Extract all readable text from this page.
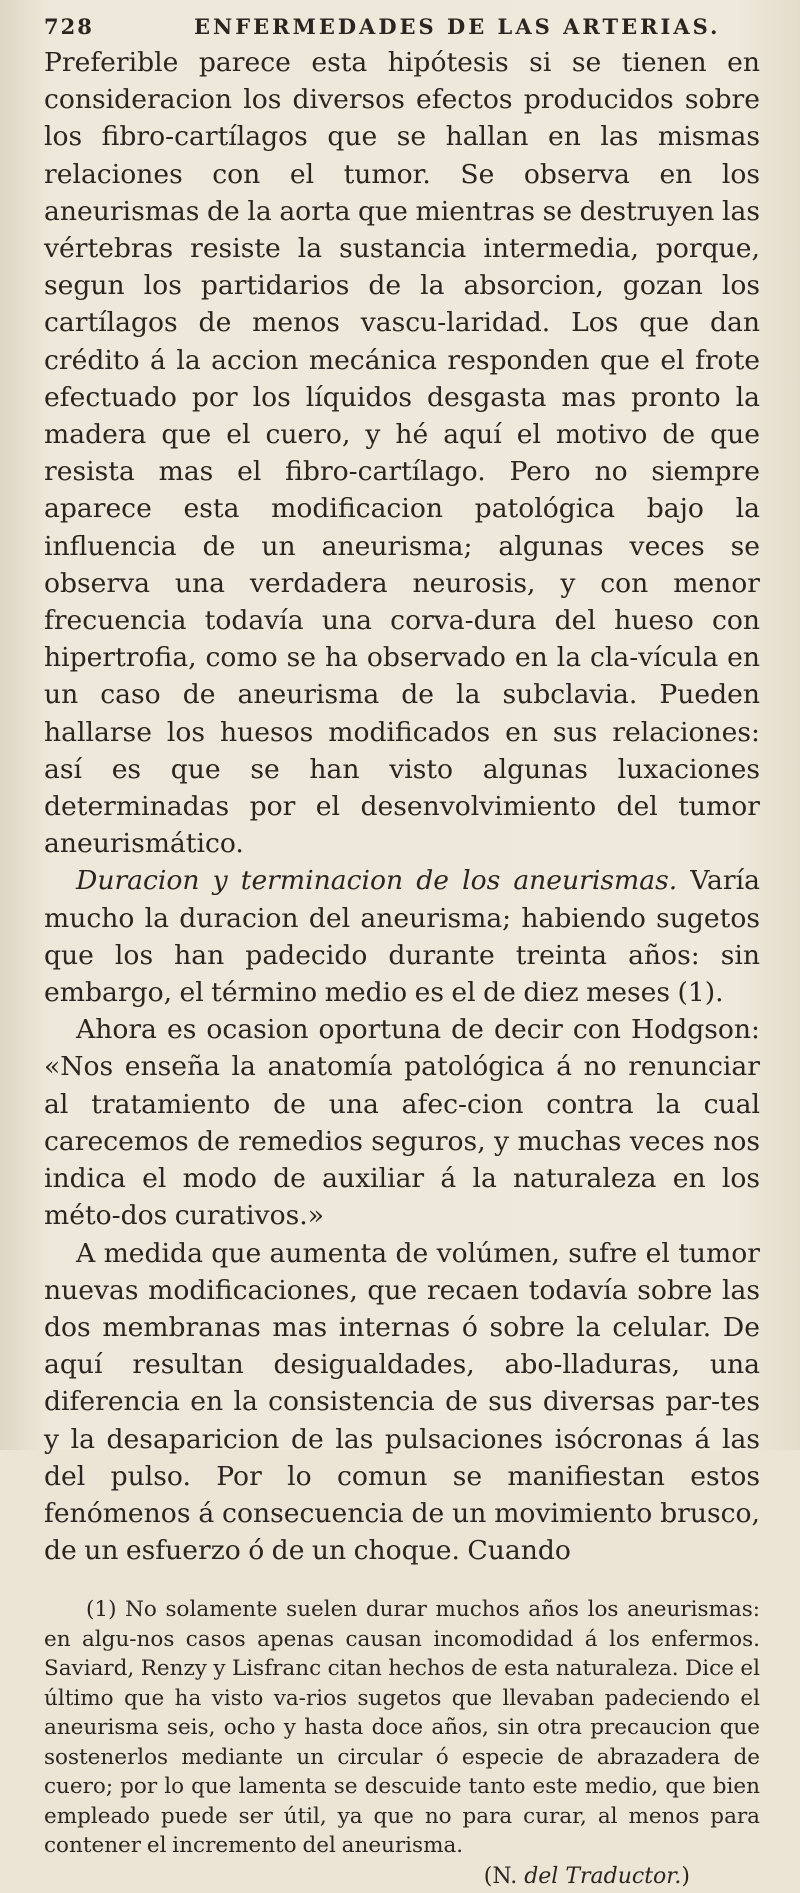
728	ENFERMEDADES DE LAS ARTERIAS.

Preferible parece esta hipótesis si se tienen en consideracion los diversos efectos producidos sobre los fibro-cartílagos que se hallan en las mismas relaciones con el tumor. Se observa en los aneurismas de la aorta que mientras se destruyen las vértebras resiste la sustancia intermedia, porque, segun los partidarios de la absorcion, gozan los cartílagos de menos vascu-laridad. Los que dan crédito á la accion mecánica responden que el frote efectuado por los líquidos desgasta mas pronto la madera que el cuero, y hé aquí el motivo de que resista mas el fibro-cartílago. Pero no siempre aparece esta modificacion patológica bajo la influencia de un aneurisma; algunas veces se observa una verdadera neurosis, y con menor frecuencia todavía una corva-dura del hueso con hipertrofia, como se ha observado en la cla-vícula en un caso de aneurisma de la subclavia. Pueden hallarse los huesos modificados en sus relaciones: así es que se han visto algunas luxaciones determinadas por el desenvolvimiento del tumor aneurismático.

Duracion y terminacion de los aneurismas. Varía mucho la duracion del aneurisma; habiendo sugetos que los han padecido durante treinta años: sin embargo, el término medio es el de diez meses (1).

Ahora es ocasion oportuna de decir con Hodgson: «Nos enseña la anatomía patológica á no renunciar al tratamiento de una afec-cion contra la cual carecemos de remedios seguros, y muchas veces nos indica el modo de auxiliar á la naturaleza en los méto-dos curativos.»

A medida que aumenta de volúmen, sufre el tumor nuevas modificaciones, que recaen todavía sobre las dos membranas mas internas ó sobre la celular. De aquí resultan desigualdades, abo-lladuras, una diferencia en la consistencia de sus diversas par-tes y la desaparicion de las pulsaciones isócronas á las del pulso. Por lo comun se manifiestan estos fenómenos á consecuencia de un movimiento brusco, de un esfuerzo ó de un choque. Cuando

(1) No solamente suelen durar muchos años los aneurismas: en algu-nos casos apenas causan incomodidad á los enfermos. Saviard, Renzy y Lisfranc citan hechos de esta naturaleza. Dice el último que ha visto va-rios sugetos que llevaban padeciendo el aneurisma seis, ocho y hasta doce años, sin otra precaucion que sostenerlos mediante un circular ó especie de abrazadera de cuero; por lo que lamenta se descuide tanto este medio, que bien empleado puede ser útil, ya que no para curar, al menos para contener el incremento del aneurisma.

(N. del Traductor.)
